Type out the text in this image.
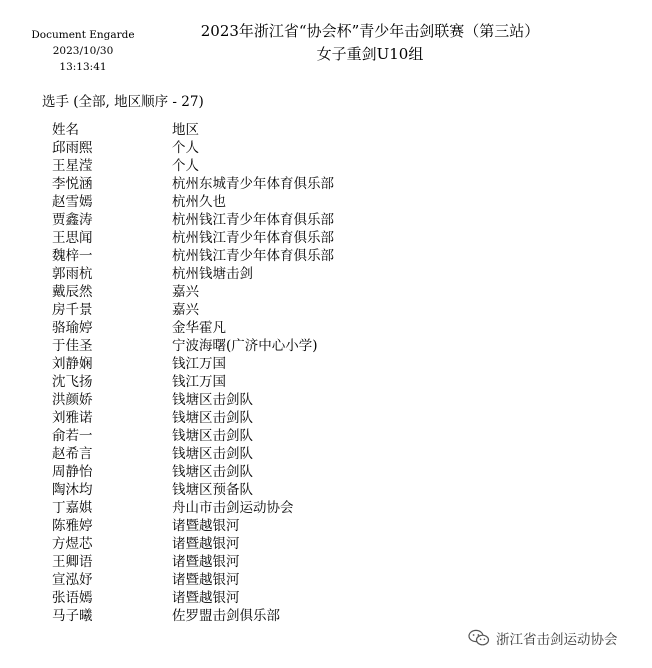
Document Engarde
2023/10/30 13:13:41
2023年浙江省“协会杯”青少年击剑联赛（第三站）
女子重剑U10组
选手 (全部, 地区顺序 - 27)
姓名	地区
邱雨熙	个人
王星滢	个人
李悦涵	杭州东城青少年体育俱乐部
赵雪嫣	杭州久也
贾鑫涛	杭州钱江青少年体育俱乐部
王思闻	杭州钱江青少年体育俱乐部
魏梓一	杭州钱江青少年体育俱乐部
郭雨杭	杭州钱塘击剑
戴辰然	嘉兴
房千景	嘉兴
骆瑜婷	金华霍凡
于佳圣	宁波海曙(广济中心小学)
刘静娴	钱江万国
沈飞扬	钱江万国
洪颜娇	钱塘区击剑队
刘雅诺	钱塘区击剑队
俞若一	钱塘区击剑队
赵希言	钱塘区击剑队
周静怡	钱塘区击剑队
陶沐均	钱塘区预备队
丁嘉娸	舟山市击剑运动协会
陈雅婷	诸暨越银河
方煜芯	诸暨越银河
王卿语	诸暨越银河
宣泓妤	诸暨越银河
张语嫣	诸暨越银河
马子曦	佐罗盟击剑俱乐部
浙江省击剑运动协会
